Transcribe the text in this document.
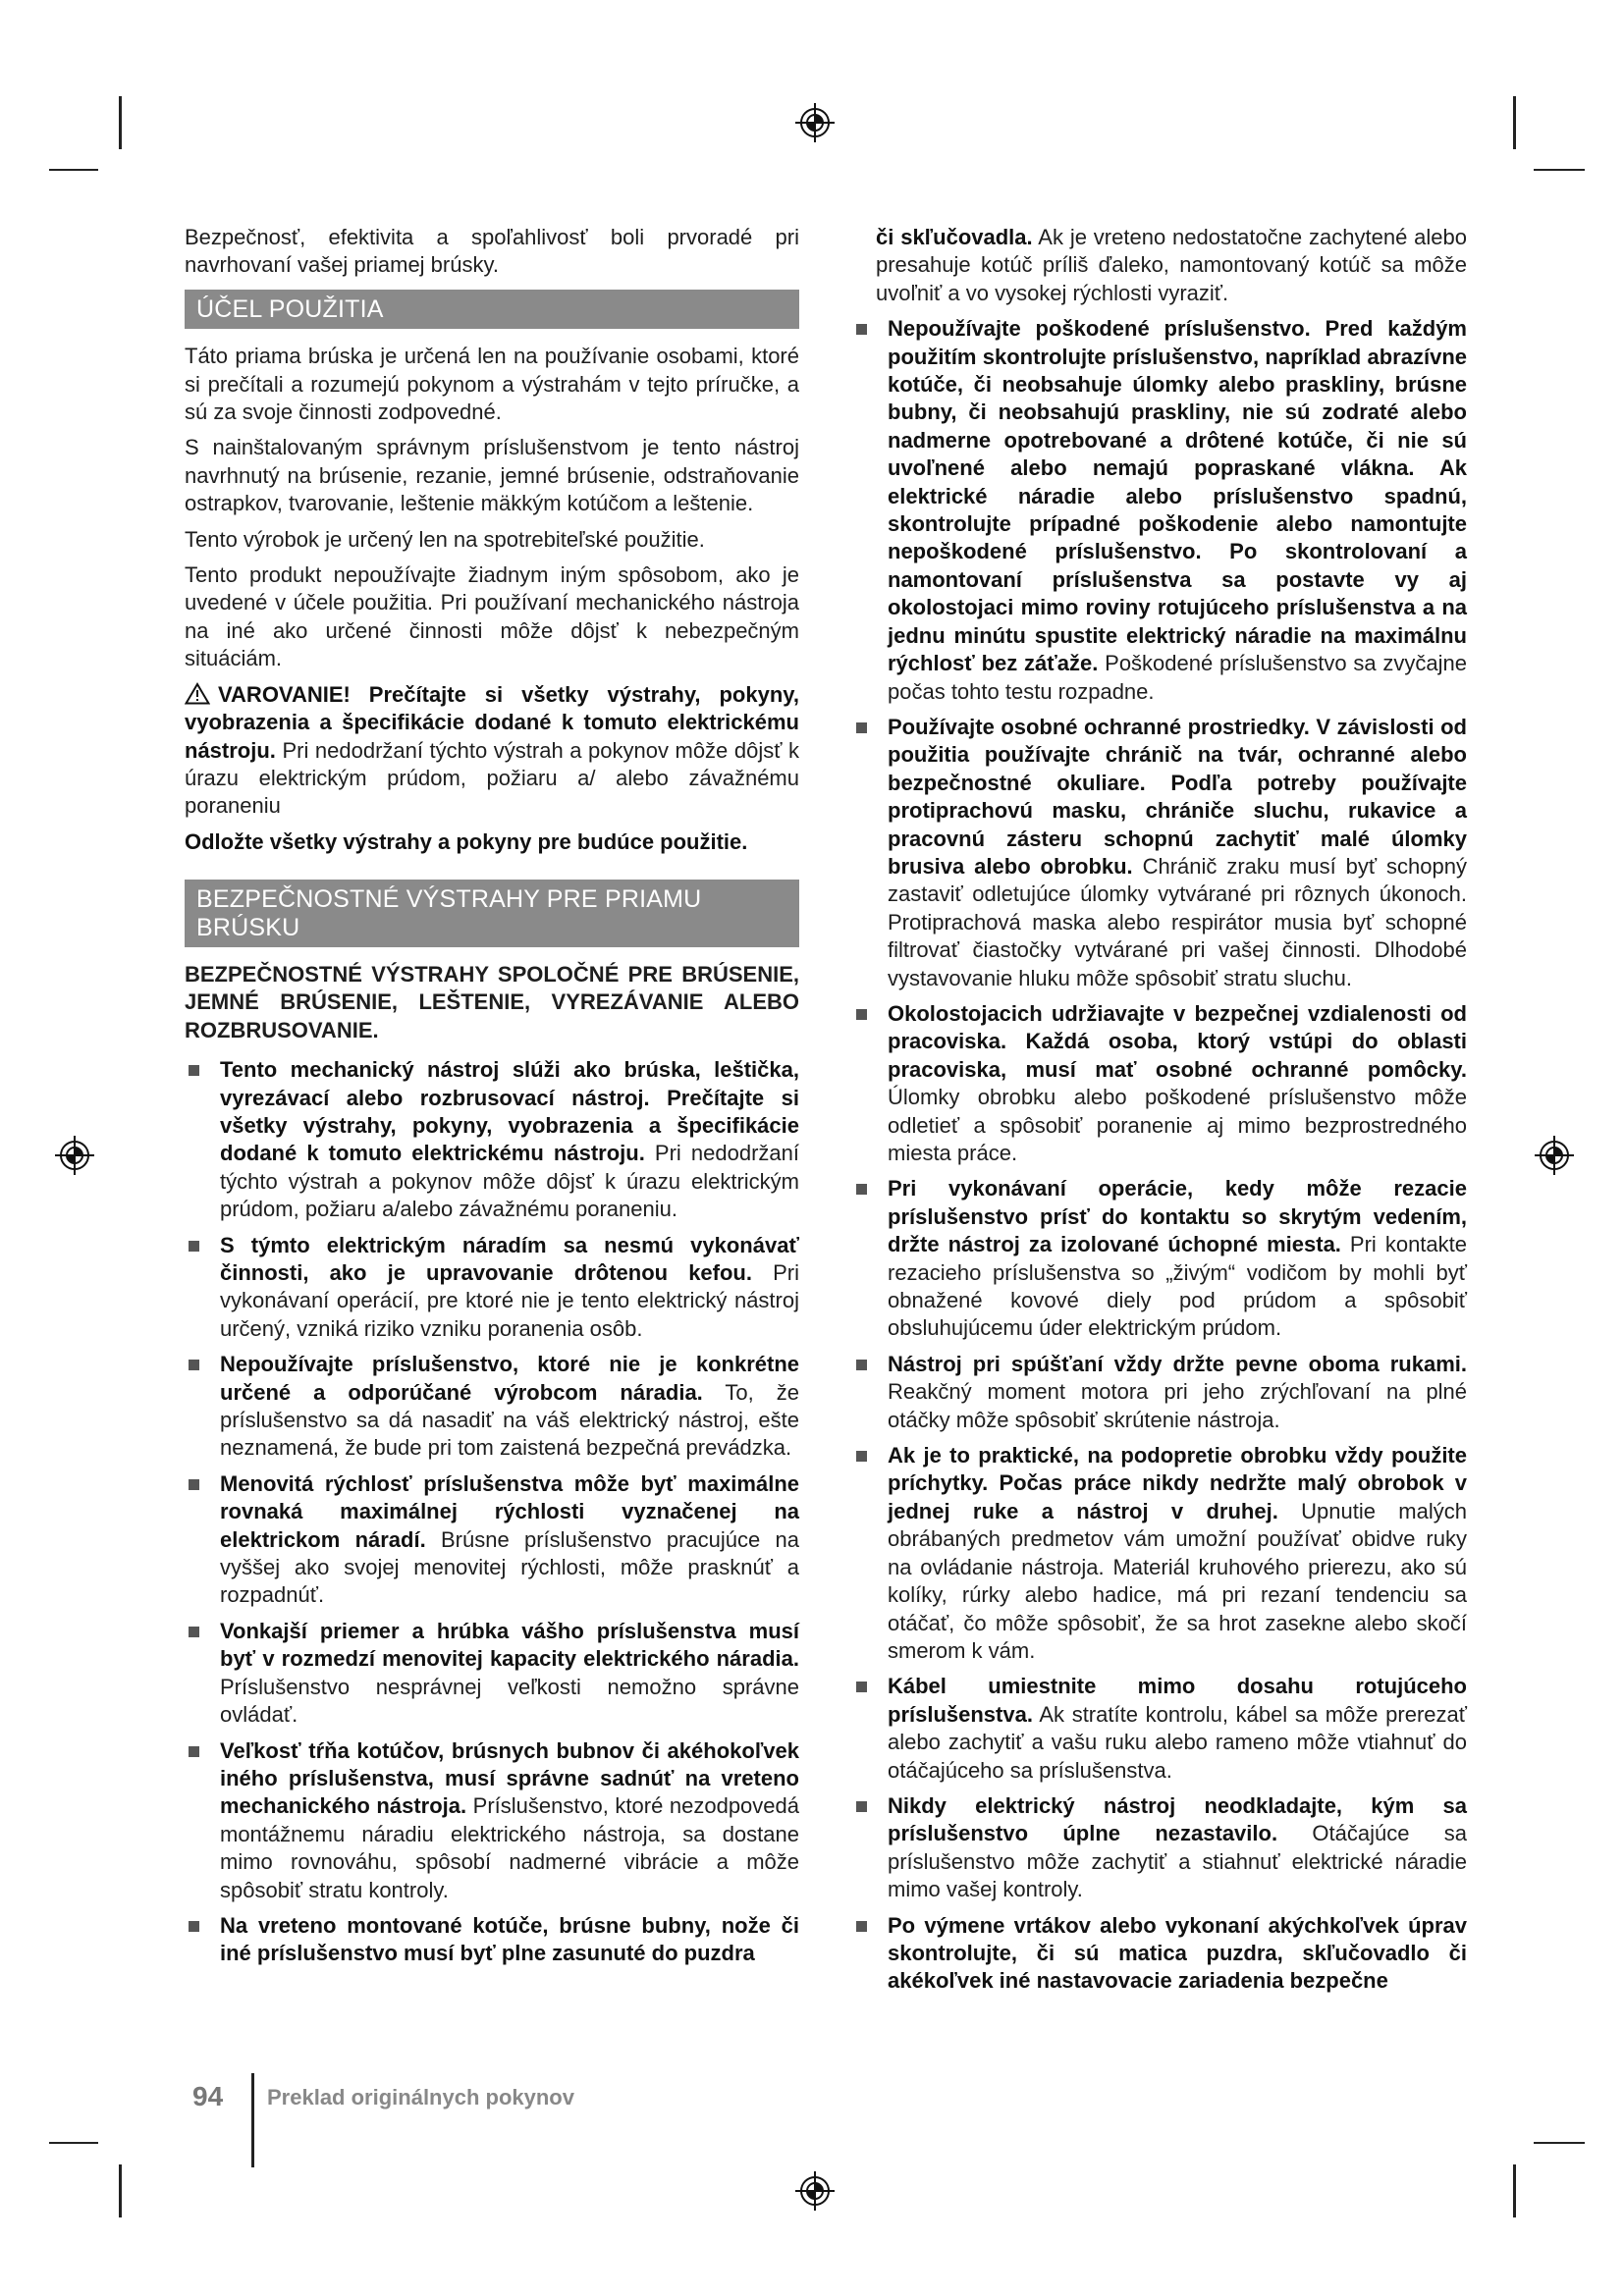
Bezpečnosť, efektivita a spoľahlivosť boli prvoradé pri navrhovaní vašej priamej brúsky.

ÚČEL POUŽITIA

Táto priama brúska je určená len na používanie osobami, ktoré si prečítali a rozumejú pokynom a výstrahám v tejto príručke, a sú za svoje činnosti zodpovedné.

S nainštalovaným správnym príslušenstvom je tento nástroj navrhnutý na brúsenie, rezanie, jemné brúsenie, odstraňovanie ostrapkov, tvarovanie, leštenie mäkkým kotúčom a leštenie.

Tento výrobok je určený len na spotrebiteľské použitie.

Tento produkt nepoužívajte žiadnym iným spôsobom, ako je uvedené v účele použitia. Pri používaní mechanického nástroja na iné ako určené činnosti môže dôjsť k nebezpečným situáciám.

VAROVANIE! Prečítajte si všetky výstrahy, pokyny, vyobrazenia a špecifikácie dodané k tomuto elektrickému nástroju. Pri nedodržaní týchto výstrah a pokynov môže dôjsť k úrazu elektrickým prúdom, požiaru a/ alebo závažnému poraneniu

Odložte všetky výstrahy a pokyny pre budúce použitie.

BEZPEČNOSTNÉ VÝSTRAHY PRE PRIAMU BRÚSKU
BEZPEČNOSTNÉ VÝSTRAHY SPOLOČNÉ PRE BRÚSENIE, JEMNÉ BRÚSENIE, LEŠTENIE, VYREZÁVANIE ALEBO ROZBRUSOVANIE.
Tento mechanický nástroj slúži ako brúska, leštička, vyrezávací alebo rozbrusovací nástroj. Prečítajte si všetky výstrahy, pokyny, vyobrazenia a špecifikácie dodané k tomuto elektrickému nástroju. Pri nedodržaní týchto výstrah a pokynov môže dôjsť k úrazu elektrickým prúdom, požiaru a/alebo závažnému poraneniu.
S týmto elektrickým náradím sa nesmú vykonávať činnosti, ako je upravovanie drôtenou kefou. Pri vykonávaní operácií, pre ktoré nie je tento elektrický nástroj určený, vzniká riziko vzniku poranenia osôb.
Nepoužívajte príslušenstvo, ktoré nie je konkrétne určené a odporúčané výrobcom náradia. To, že príslušenstvo sa dá nasadiť na váš elektrický nástroj, ešte neznamená, že bude pri tom zaistená bezpečná prevádzka.
Menovitá rýchlosť príslušenstva môže byť maximálne rovnaká maximálnej rýchlosti vyznačenej na elektrickom náradí. Brúsne príslušenstvo pracujúce na vyššej ako svojej menovitej rýchlosti, môže prasknúť a rozpadnúť.
Vonkajší priemer a hrúbka vášho príslušenstva musí byť v rozmedzí menovitej kapacity elektrického náradia. Príslušenstvo nesprávnej veľkosti nemožno správne ovládať.
Veľkosť tŕňa kotúčov, brúsnych bubnov či akéhokoľvek iného príslušenstva, musí správne sadnúť na vreteno mechanického nástroja. Príslušenstvo, ktoré nezodpovedá montážnemu náradiu elektrického nástroja, sa dostane mimo rovnováhu, spôsobí nadmerné vibrácie a môže spôsobiť stratu kontroly.
Na vreteno montované kotúče, brúsne bubny, nože či iné príslušenstvo musí byť plne zasunuté do puzdra

či skľučovadla. Ak je vreteno nedostatočne zachytené alebo presahuje kotúč príliš ďaleko, namontovaný kotúč sa môže uvoľniť a vo vysokej rýchlosti vyraziť.

Nepoužívajte poškodené príslušenstvo. Pred každým použitím skontrolujte príslušenstvo, napríklad abrazívne kotúče, či neobsahuje úlomky alebo praskliny, brúsne bubny, či neobsahujú praskliny, nie sú zodraté alebo nadmerne opotrebované a drôtené kotúče, či nie sú uvoľnené alebo nemajú popraskané vlákna. Ak elektrické náradie alebo príslušenstvo spadnú, skontrolujte prípadné poškodenie alebo namontujte nepoškodené príslušenstvo. Po skontrolovaní a namontovaní príslušenstva sa postavte vy aj okolostojaci mimo roviny rotujúceho príslušenstva a na jednu minútu spustite elektrický náradie na maximálnu rýchlosť bez záťaže. Poškodené príslušenstvo sa zvyčajne počas tohto testu rozpadne.
Používajte osobné ochranné prostriedky. V závislosti od použitia používajte chránič na tvár, ochranné alebo bezpečnostné okuliare. Podľa potreby používajte protiprachovú masku, chrániče sluchu, rukavice a pracovnú zásteru schopnú zachytiť malé úlomky brusiva alebo obrobku. Chránič zraku musí byť schopný zastaviť odletujúce úlomky vytvárané pri rôznych úkonoch. Protiprachová maska alebo respirátor musia byť schopné filtrovať čiastočky vytvárané pri vašej činnosti. Dlhodobé vystavovanie hluku môže spôsobiť stratu sluchu.
Okolostojacich udržiavajte v bezpečnej vzdialenosti od pracoviska. Každá osoba, ktorý vstúpi do oblasti pracoviska, musí mať osobné ochranné pomôcky. Úlomky obrobku alebo poškodené príslušenstvo môže odletieť a spôsobiť poranenie aj mimo bezprostredného miesta práce.
Pri vykonávaní operácie, kedy môže rezacie príslušenstvo prísť do kontaktu so skrytým vedením, držte nástroj za izolované úchopné miesta. Pri kontakte rezacieho príslušenstva so „živým“ vodičom by mohli byť obnažené kovové diely pod prúdom a spôsobiť obsluhujúcemu úder elektrickým prúdom.
Nástroj pri spúšťaní vždy držte pevne oboma rukami. Reakčný moment motora pri jeho zrýchľovaní na plné otáčky môže spôsobiť skrútenie nástroja.
Ak je to praktické, na podopretie obrobku vždy použite príchytky. Počas práce nikdy nedržte malý obrobok v jednej ruke a nástroj v druhej. Upnutie malých obrábaných predmetov vám umožní používať obidve ruky na ovládanie nástroja. Materiál kruhového prierezu, ako sú kolíky, rúrky alebo hadice, má pri rezaní tendenciu sa otáčať, čo môže spôsobiť, že sa hrot zasekne alebo skočí smerom k vám.
Kábel umiestnite mimo dosahu rotujúceho príslušenstva. Ak stratíte kontrolu, kábel sa môže prerezať alebo zachytiť a vašu ruku alebo rameno môže vtiahnuť do otáčajúceho sa príslušenstva.
Nikdy elektrický nástroj neodkladajte, kým sa príslušenstvo úplne nezastavilo. Otáčajúce sa príslušenstvo môže zachytiť a stiahnuť elektrické náradie mimo vašej kontroly.
Po výmene vrtákov alebo vykonaní akýchkoľvek úprav skontrolujte, či sú matica puzdra, skľučovadlo či akékoľvek iné nastavovacie zariadenia bezpečne
94 Preklad originálnych pokynov
